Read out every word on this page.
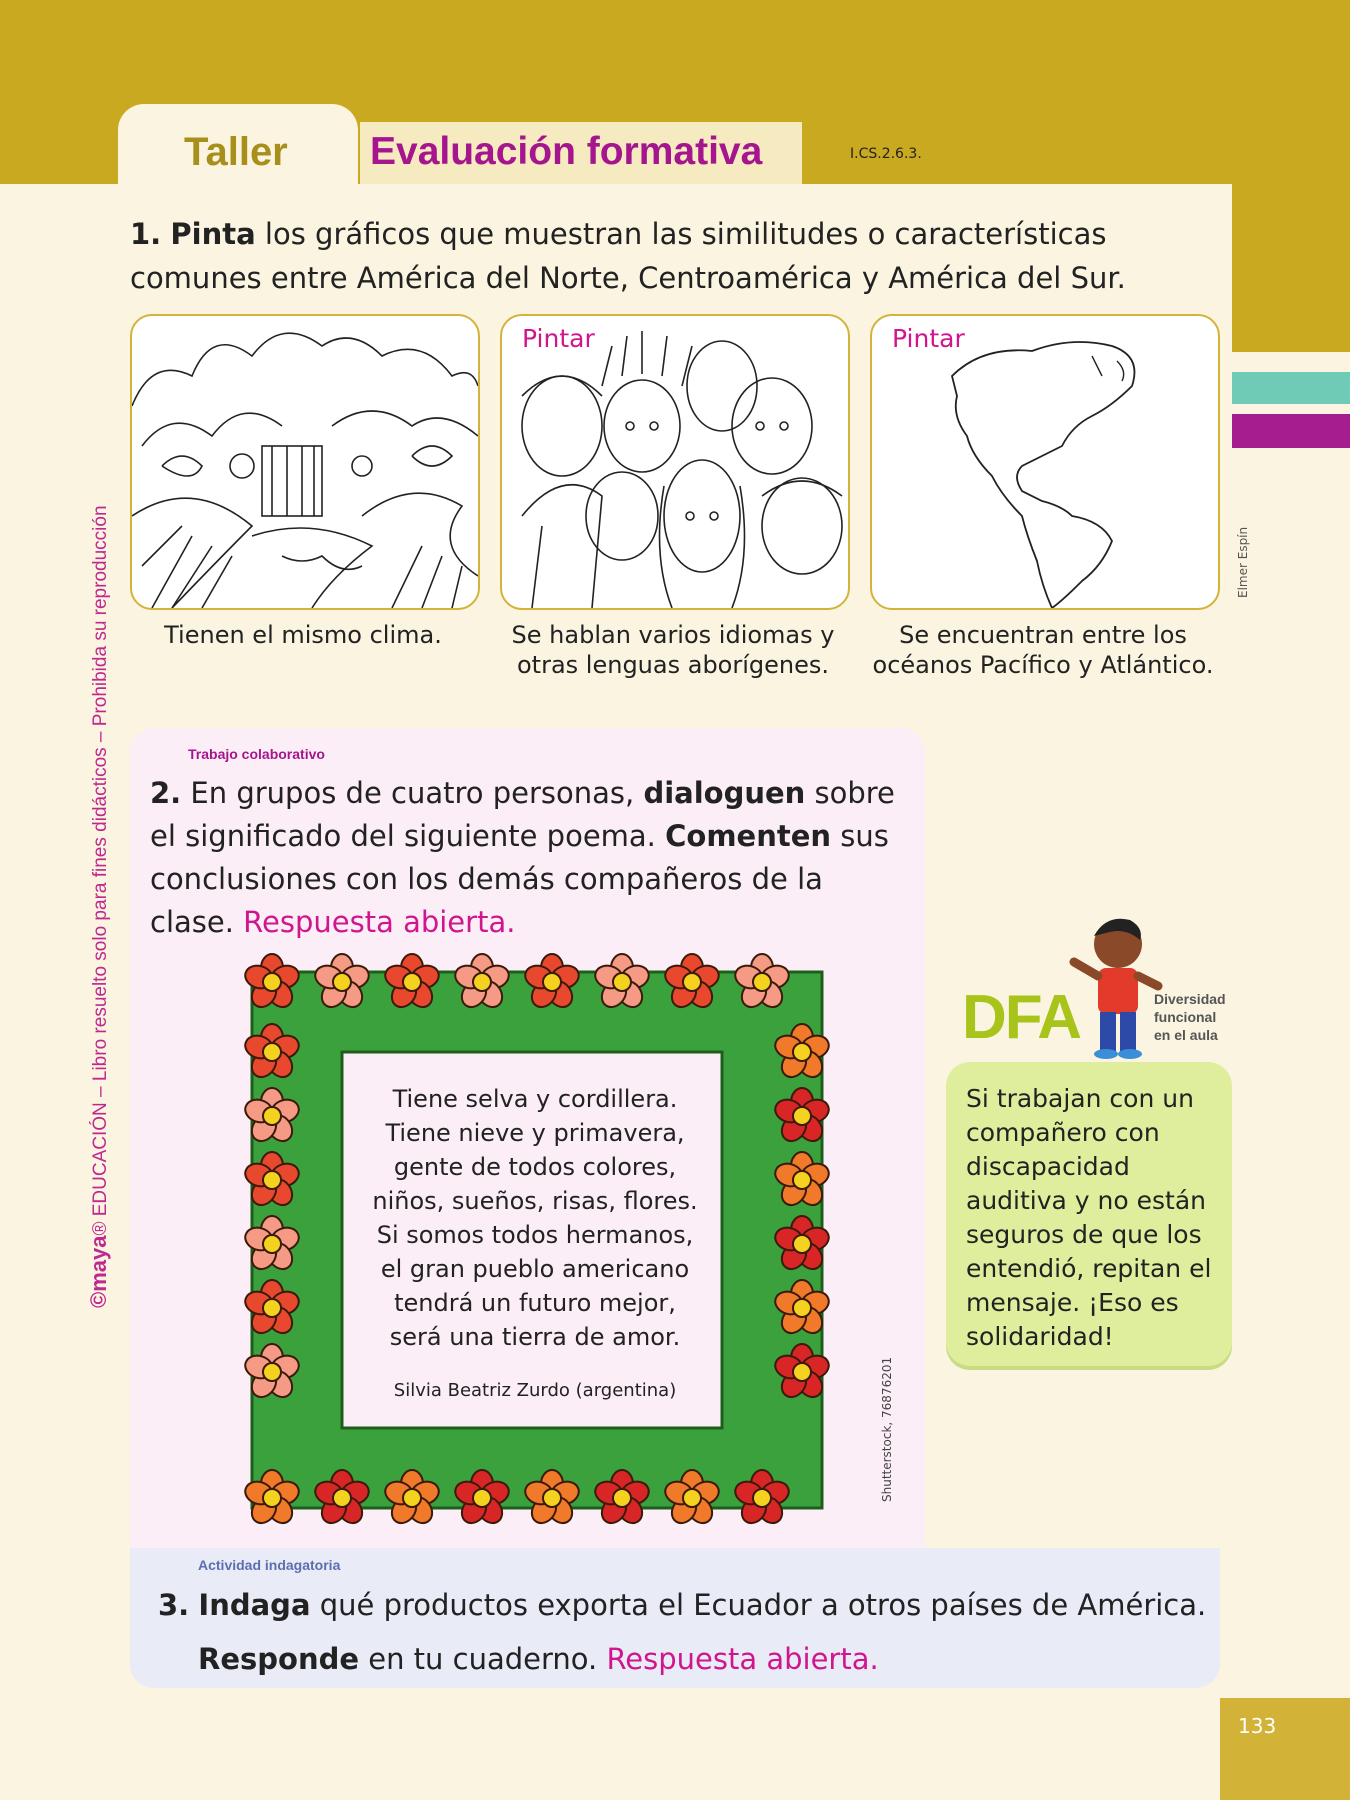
Taller Evaluación formativa	I.CS.2.6.3.
©maya® EDUCACIÓN – Libro resuelto solo para fines didácticos – Prohibida su reproducción
1. Pinta los gráficos que muestran las similitudes o características comunes entre América del Norte, Centroamérica y América del Sur.
Tienen el mismo clima.
Pintar
Se hablan varios idiomas y otras lenguas aborígenes.
Pintar
Se encuentran entre los océanos Pacífico y Atlántico.
Elmer Espín
Trabajo colaborativo
2. En grupos de cuatro personas, dialoguen sobre el significado del siguiente poema. Comenten sus conclusiones con los demás compañeros de la clase. Respuesta abierta.
Tiene selva y cordillera.
Tiene nieve y primavera,
gente de todos colores,
niños, sueños, risas, flores.
Si somos todos hermanos,
el gran pueblo americano
tendrá un futuro mejor,
será una tierra de amor.
Silvia Beatriz Zurdo (argentina)	Shutterstock, 76876201
DFA	Diversidad
funcional
en el aula
Si trabajan con un compañero con discapacidad auditiva y no están seguros de que los entendió, repitan el mensaje. ¡Eso es solidaridad!
Actividad indagatoria
3. Indaga qué productos exporta el Ecuador a otros países de América.
Responde en tu cuaderno. Respuesta abierta.
133
